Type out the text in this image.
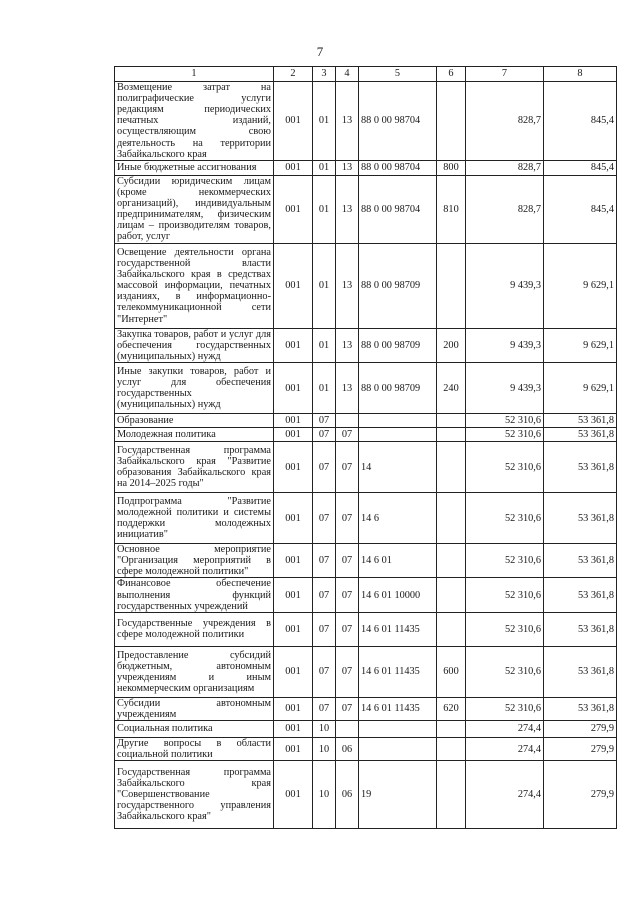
7
1	2	3	4	5	6	7	8
Возмещение затрат на полиграфические услуги редакциям периодических печатных изданий, осуществляющим свою деятельность на территории Забайкальского края	001	01	13	88 0 00 98704		828,7	845,4
Иные бюджетные ассигнования	001	01	13	88 0 00 98704	800	828,7	845,4
Субсидии юридическим лицам (кроме некоммерческих организаций), индивидуальным предпринимателям, физическим лицам – производителям товаров, работ, услуг	001	01	13	88 0 00 98704	810	828,7	845,4
Освещение деятельности органа государственной власти Забайкальского края в средствах массовой информации, печатных изданиях, в информационно-телекоммуникационной сети "Интернет"	001	01	13	88 0 00 98709		9 439,3	9 629,1
Закупка товаров, работ и услуг для обеспечения государственных (муниципальных) нужд	001	01	13	88 0 00 98709	200	9 439,3	9 629,1
Иные закупки товаров, работ и услуг для обеспечения государственных (муниципальных) нужд	001	01	13	88 0 00 98709	240	9 439,3	9 629,1
Образование	001	07				52 310,6	53 361,8
Молодежная политика	001	07	07			52 310,6	53 361,8
Государственная программа Забайкальского края "Развитие образования Забайкальского края на 2014–2025 годы"	001	07	07	14		52 310,6	53 361,8
Подпрограмма "Развитие молодежной политики и системы поддержки молодежных инициатив"	001	07	07	14 6		52 310,6	53 361,8
Основное мероприятие "Организация мероприятий в сфере молодежной политики"	001	07	07	14 6 01		52 310,6	53 361,8
Финансовое обеспечение выполнения функций государственных учреждений	001	07	07	14 6 01 10000		52 310,6	53 361,8
Государственные учреждения в сфере молодежной политики	001	07	07	14 6 01 11435		52 310,6	53 361,8
Предоставление субсидий бюджетным, автономным учреждениям и иным некоммерческим организациям	001	07	07	14 6 01 11435	600	52 310,6	53 361,8
Субсидии автономным учреждениям	001	07	07	14 6 01 11435	620	52 310,6	53 361,8
Социальная политика	001	10				274,4	279,9
Другие вопросы в области социальной политики	001	10	06			274,4	279,9
Государственная программа Забайкальского края "Совершенствование государственного управления Забайкальского края"	001	10	06	19		274,4	279,9
